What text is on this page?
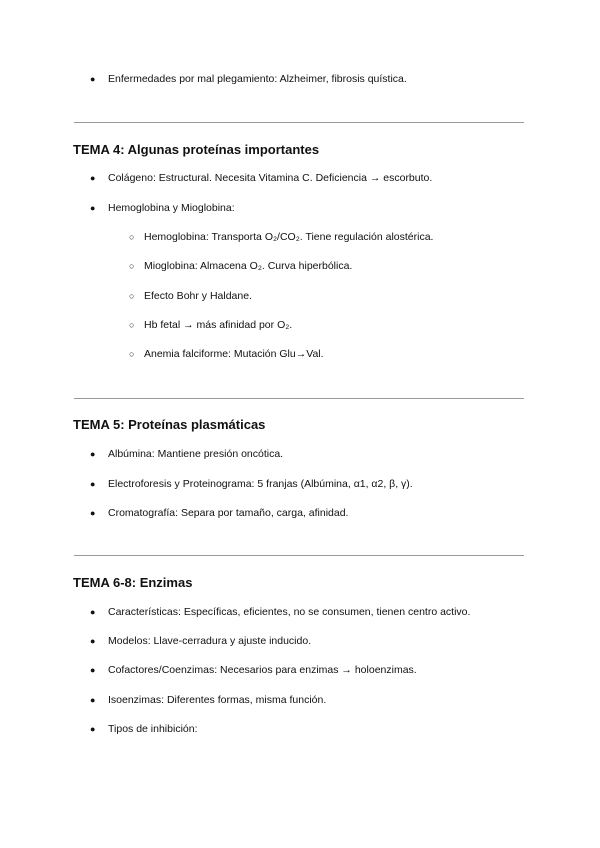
● Enfermedades por mal plegamiento: Alzheimer, fibrosis quística.
TEMA 4: Algunas proteínas importantes
● Colágeno: Estructural. Necesita Vitamina C. Deficiencia → escorbuto.
● Hemoglobina y Mioglobina:
○ Hemoglobina: Transporta O₂/CO₂. Tiene regulación alostérica.
○ Mioglobina: Almacena O₂. Curva hiperbólica.
○ Efecto Bohr y Haldane.
○ Hb fetal → más afinidad por O₂.
○ Anemia falciforme: Mutación Glu→Val.
TEMA 5: Proteínas plasmáticas
● Albúmina: Mantiene presión oncótica.
● Electroforesis y Proteinograma: 5 franjas (Albúmina, α1, α2, β, γ).
● Cromatografía: Separa por tamaño, carga, afinidad.
TEMA 6-8: Enzimas
● Características: Específicas, eficientes, no se consumen, tienen centro activo.
● Modelos: Llave-cerradura y ajuste inducido.
● Cofactores/Coenzimas: Necesarios para enzimas → holoenzimas.
● Isoenzimas: Diferentes formas, misma función.
● Tipos de inhibición:
